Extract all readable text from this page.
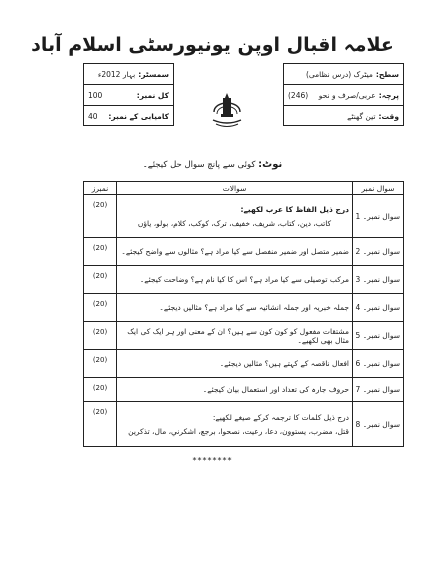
علامہ اقبال اوپن یونیورسٹی اسلام آباد
سطح:
میٹرک (درس نظامی)
پرچہ:
عربی/صرف و نحو
(246)
وقت:
تین گھنٹے
سمسٹر:
بہار 2012ء
کل نمبر:
100
کامیابی کے نمبر:
40
نوٹ: کوئی سے پانچ سوال حل کیجئے۔
نمبرز	سوالات	سوال نمبر
(20)	درج ذیل الفاظ کا عرب لکھیے:
کاتب، دین، کتاب، شریف، خفیف، ترک، کوکب، کلام، بولو، یاؤں	سوال نمبر۔ 1
(20)	ضمیر متصل اور ضمیر منفصل سے کیا مراد ہے؟ مثالوں سے واضح کیجئے۔	سوال نمبر۔ 2
(20)	مرکب توصیلی سے کیا مراد ہے؟ اس کا کیا نام ہے؟ وضاحت کیجئے۔	سوال نمبر۔ 3
(20)	جملہ خبریہ اور جملہ انشائیہ سے کیا مراد ہے؟ مثالیں دیجئے۔	سوال نمبر۔ 4
(20)	مشتقات مفعول کو کون کون سے ہیں؟ ان کے معنی اور ہر ایک کی ایک مثال بھی لکھیے۔	سوال نمبر۔ 5
(20)	افعال ناقصہ کے کہتے ہیں؟ مثالیں دیجئے۔	سوال نمبر۔ 6
(20)	حروف جارہ کی تعداد اور استعمال بیان کیجئے۔	سوال نمبر۔ 7
(20)	درج ذیل کلمات کا ترجمہ کرکے صیغے لکھیے:
قتل، مضرب، يستوون، دعا، رعيت، نصحوا، برجع، اشكرني، مال، تذكرين	سوال نمبر۔ 8
********
